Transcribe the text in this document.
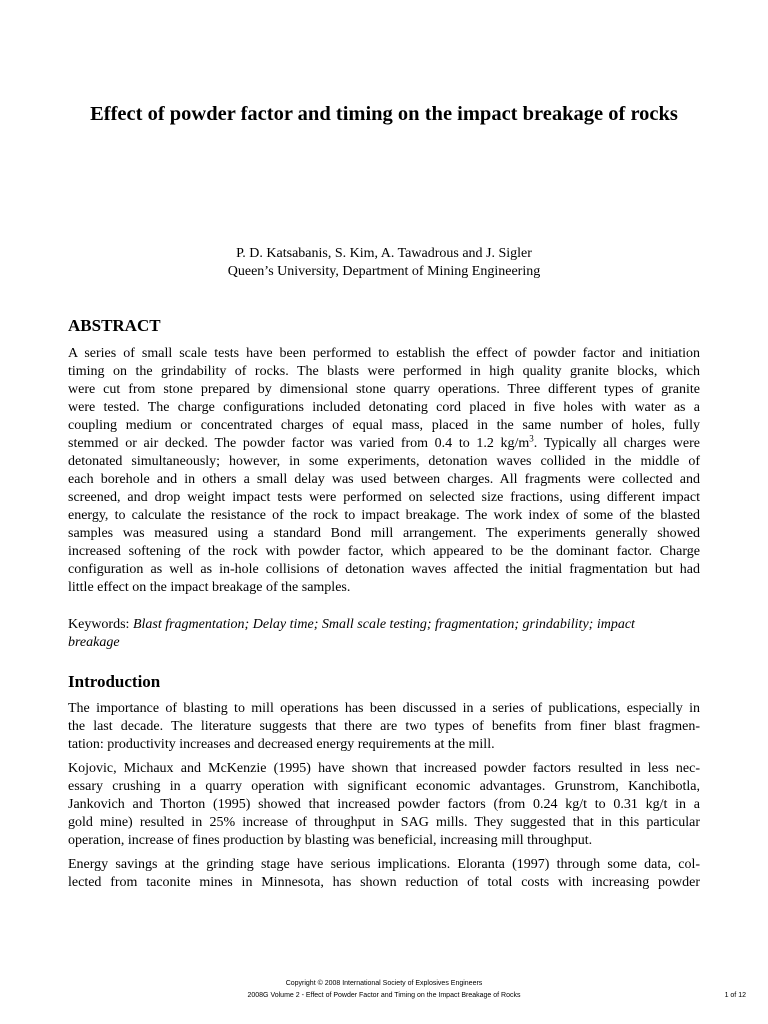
Effect of powder factor and timing on the impact breakage of rocks
P. D. Katsabanis, S. Kim, A. Tawadrous and J. Sigler
Queen’s University, Department of Mining Engineering
ABSTRACT
A series of small scale tests have been performed to establish the effect of powder factor and initiation
timing on the grindability of rocks. The blasts were performed in high quality granite blocks, which
were cut from stone prepared by dimensional stone quarry operations. Three different types of granite
were tested. The charge configurations included detonating cord placed in five holes with water as a
coupling medium or concentrated charges of equal mass, placed in the same number of holes, fully
stemmed or air decked. The powder factor was varied from 0.4 to 1.2 $kg/m^3$. Typically all charges were
detonated simultaneously; however, in some experiments, detonation waves collided in the middle of
each borehole and in others a small delay was used between charges. All fragments were collected and
screened, and drop weight impact tests were performed on selected size fractions, using different impact
energy, to calculate the resistance of the rock to impact breakage. The work index of some of the blasted
samples was measured using a standard Bond mill arrangement. The experiments generally showed
increased softening of the rock with powder factor, which appeared to be the dominant factor. Charge
configuration as well as in-hole collisions of detonation waves affected the initial fragmentation but had
little effect on the impact breakage of the samples.
Keywords: Blast fragmentation; Delay time; Small scale testing; fragmentation; grindability; impact
breakage
Introduction
The importance of blasting to mill operations has been discussed in a series of publications, especially in
the last decade. The literature suggests that there are two types of benefits from finer blast fragmen-
tation: productivity increases and decreased energy requirements at the mill.
Kojovic, Michaux and McKenzie (1995) have shown that increased powder factors resulted in less nec-
essary crushing in a quarry operation with significant economic advantages. Grunstrom, Kanchibotla,
Jankovich and Thorton (1995) showed that increased powder factors (from 0.24 kg/t to 0.31 kg/t in a
gold mine) resulted in 25% increase of throughput in SAG mills. They suggested that in this particular
operation, increase of fines production by blasting was beneficial, increasing mill throughput.
Energy savings at the grinding stage have serious implications. Eloranta (1997) through some data, col-
lected from taconite mines in Minnesota, has shown reduction of total costs with increasing powder
Copyright © 2008 International Society of Explosives Engineers
2008G Volume 2 - Effect of Powder Factor and Timing on the Impact Breakage of Rocks	1 of 12
